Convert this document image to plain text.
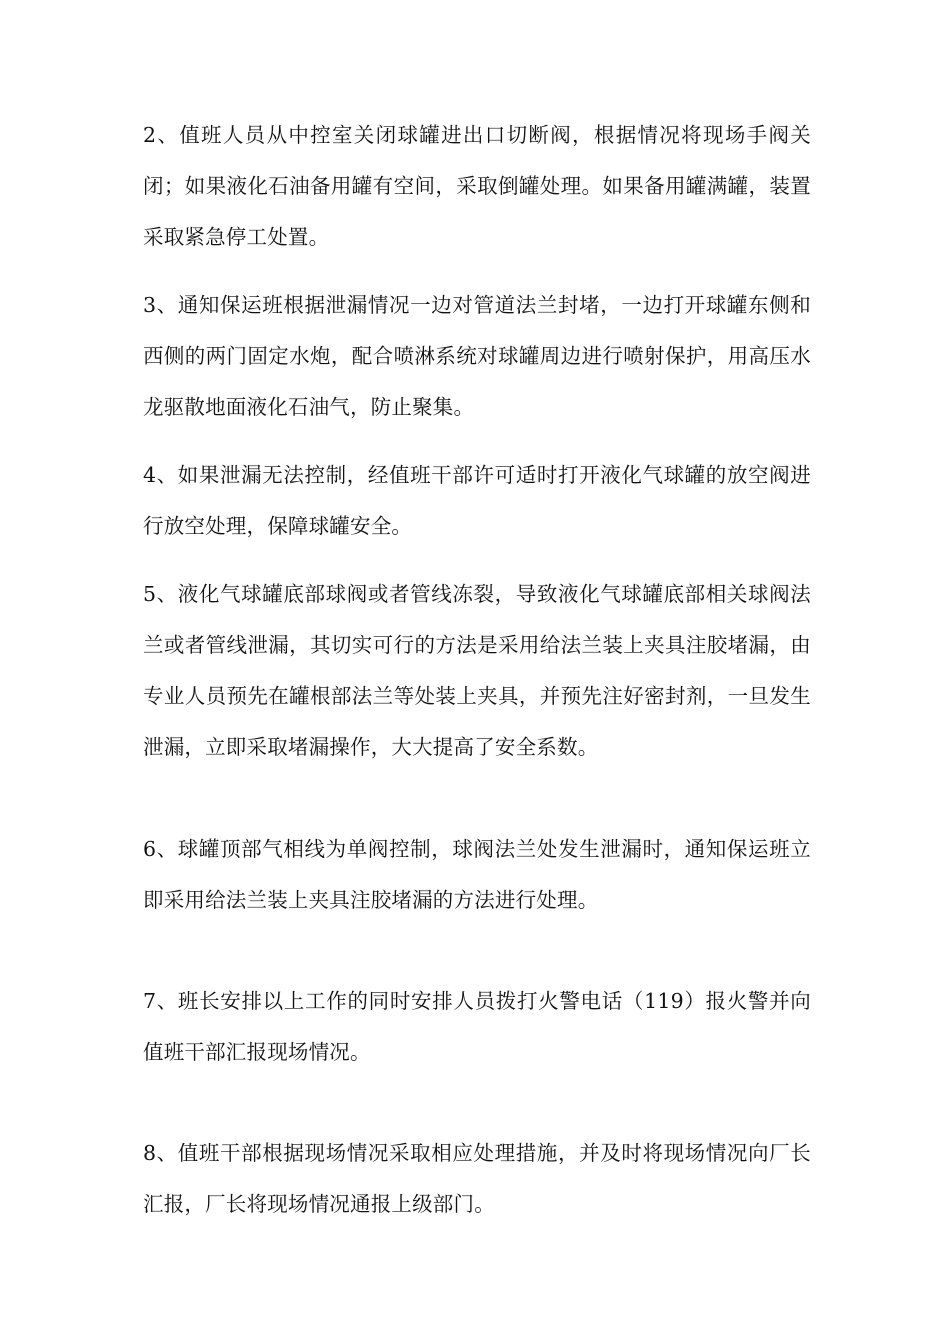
2、值班人员从中控室关闭球罐进出口切断阀，根据情况将现场手阀关闭；如果液化石油备用罐有空间，采取倒罐处理。如果备用罐满罐，装置采取紧急停工处置。

3、通知保运班根据泄漏情况一边对管道法兰封堵，一边打开球罐东侧和西侧的两门固定水炮，配合喷淋系统对球罐周边进行喷射保护，用高压水龙驱散地面液化石油气，防止聚集。

4、如果泄漏无法控制，经值班干部许可适时打开液化气球罐的放空阀进行放空处理，保障球罐安全。

5、液化气球罐底部球阀或者管线冻裂，导致液化气球罐底部相关球阀法兰或者管线泄漏，其切实可行的方法是采用给法兰装上夹具注胶堵漏，由专业人员预先在罐根部法兰等处装上夹具，并预先注好密封剂，一旦发生泄漏，立即采取堵漏操作，大大提高了安全系数。

6、球罐顶部气相线为单阀控制，球阀法兰处发生泄漏时，通知保运班立即采用给法兰装上夹具注胶堵漏的方法进行处理。

7、班长安排以上工作的同时安排人员拨打火警电话（119）报火警并向值班干部汇报现场情况。

8、值班干部根据现场情况采取相应处理措施，并及时将现场情况向厂长汇报，厂长将现场情况通报上级部门。
